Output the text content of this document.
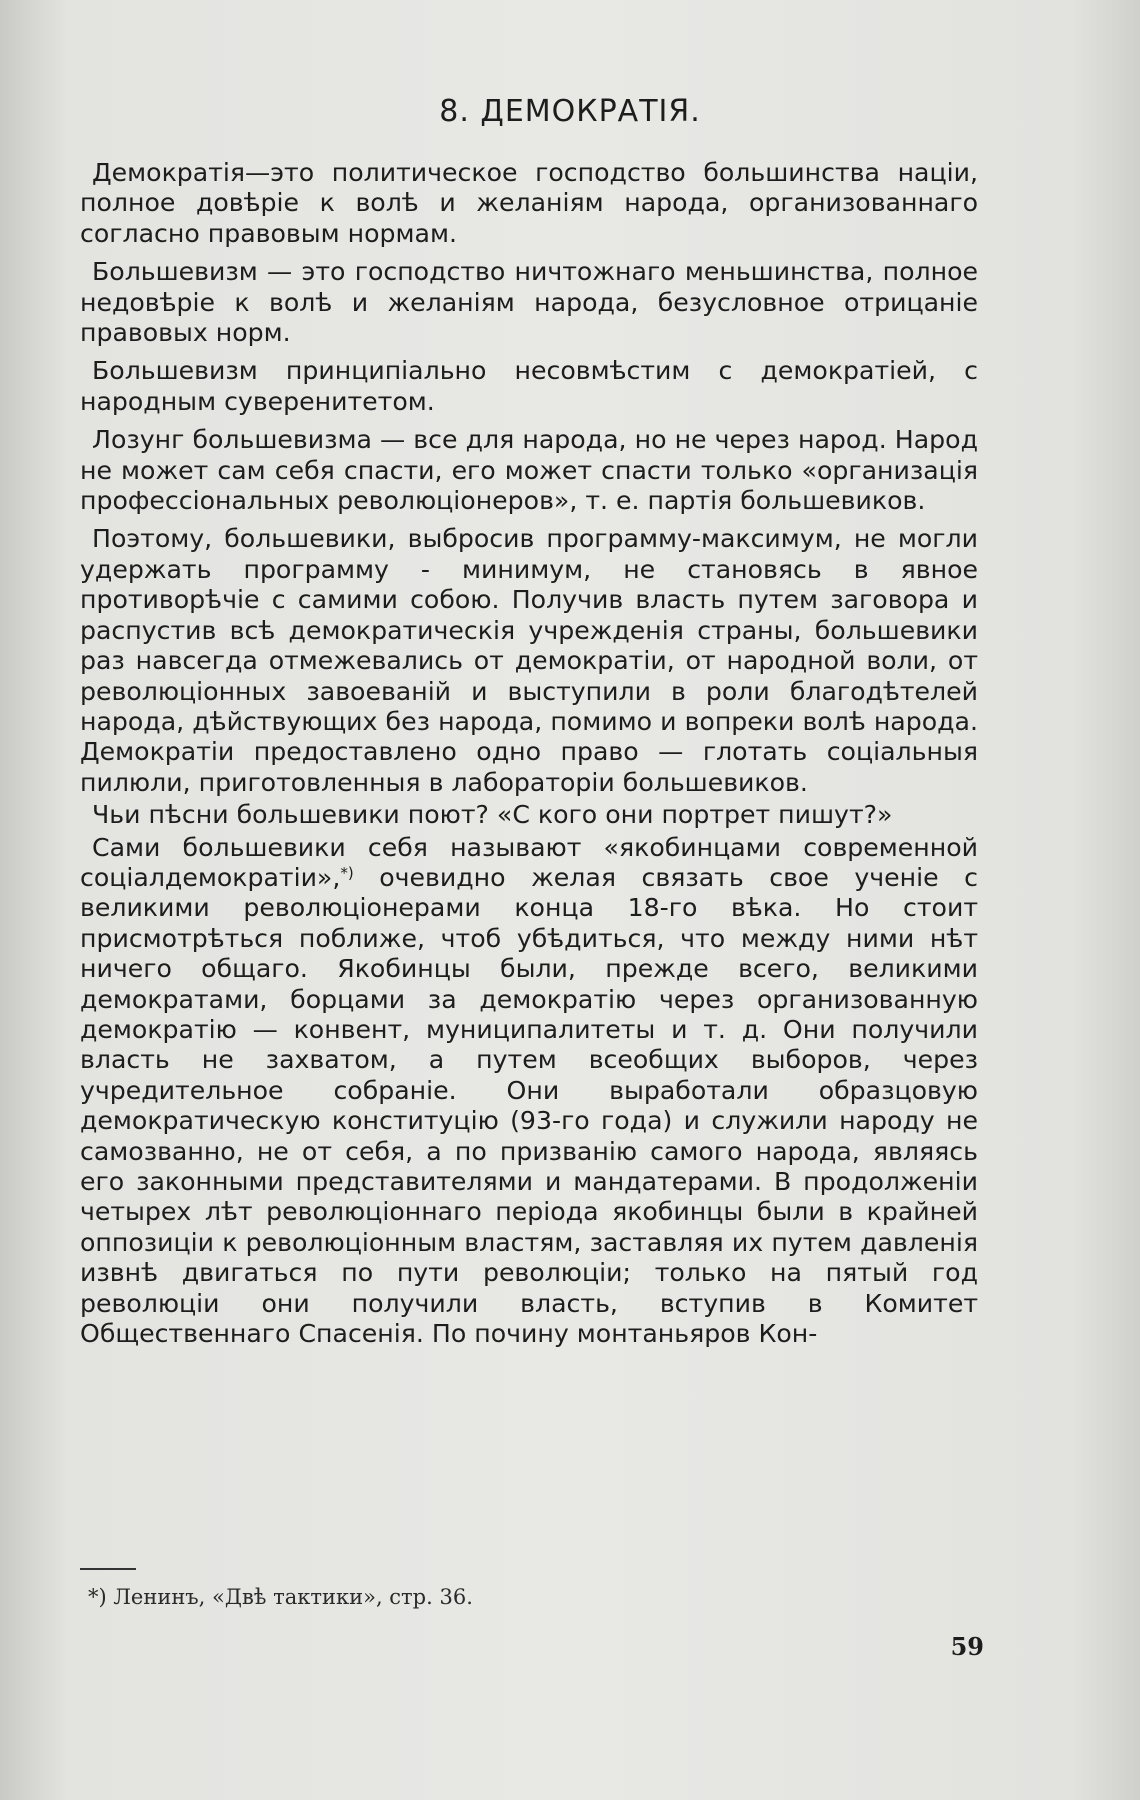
8. ДЕМОКРАТІЯ.

Демократія—это политическое господство большинства націи, полное довѣріе к волѣ и желаніям народа, организованнаго согласно правовым нормам.

Большевизм — это господство ничтожнаго меньшинства, полное недовѣріе к волѣ и желаніям народа, безусловное отрицаніе правовых норм.

Большевизм принципіально несовмѣстим с демократіей, с народным суверенитетом.

Лозунг большевизма — все для народа, но не через народ. Народ не может сам себя спасти, его может спасти только «организація профессіональных революціонеров», т. е. партія большевиков.

Поэтому, большевики, выбросив программу-максимум, не могли удержать программу - минимум, не становясь в явное противорѣчіе с самими собою. Получив власть путем заговора и распустив всѣ демократическія учрежденія страны, большевики раз навсегда отмежевались от демократіи, от народной воли, от революціонных завоеваній и выступили в роли благодѣтелей народа, дѣйствующих без народа, помимо и вопреки волѣ народа. Демократіи предоставлено одно право — глотать соціальныя пилюли, приготовленныя в лабораторіи большевиков.

Чьи пѣсни большевики поют? «С кого они портрет пишут?»

Сами большевики себя называют «якобинцами современной соціалдемократіи»,*) очевидно желая связать свое ученіе с великими революціонерами конца 18-го вѣка. Но стоит присмотрѣться поближе, чтоб убѣдиться, что между ними нѣт ничего общаго. Якобинцы были, прежде всего, великими демократами, борцами за демократію через организованную демократію — конвент, муниципалитеты и т. д. Они получили власть не захватом, а путем всеобщих выборов, через учредительное собраніе. Они выработали образцовую демократическую конституцію (93-го года) и служили народу не самозванно, не от себя, а по призванію самого народа, являясь его законными представителями и мандатерами. В продолженіи четырех лѣт революціоннаго періода якобинцы были в крайней оппозиціи к революціонным властям, заставляя их путем давленія извнѣ двигаться по пути революціи; только на пятый год революціи они получили власть, вступив в Комитет Общественнаго Спасенія. По почину монтаньяров Кон-

*) Ленинъ, «Двѣ тактики», стр. 36.
59
